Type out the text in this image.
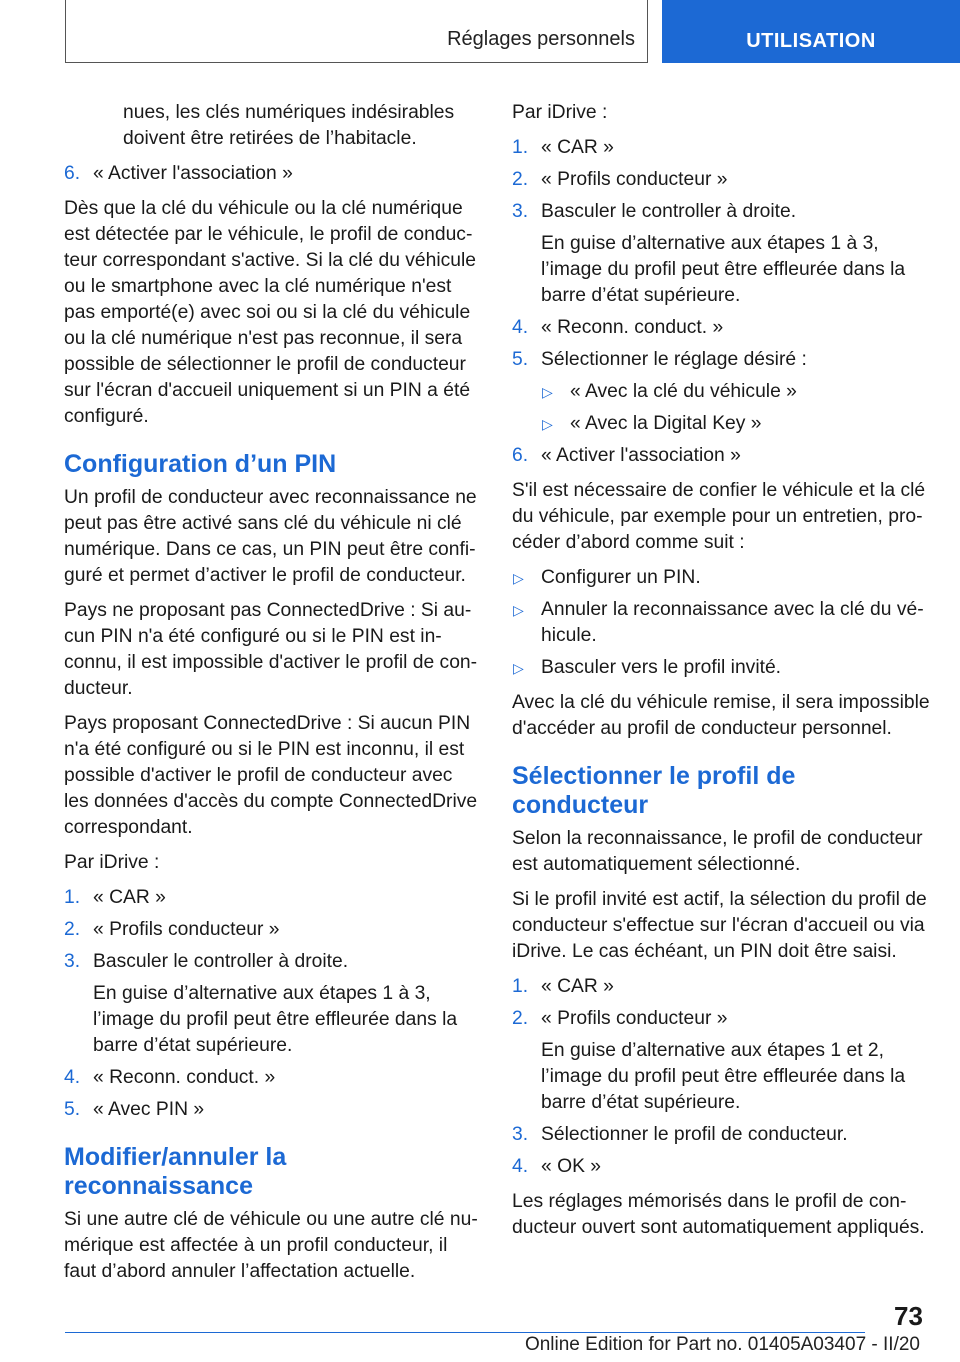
Réglages personnels	UTILISATION

nues, les clés numériques indésirables doivent être retirées de l’habitacle.

6. « Activer l'association »

Dès que la clé du véhicule ou la clé numérique est détectée par le véhicule, le profil de conducteur correspondant s'active. Si la clé du véhicule ou le smartphone avec la clé numérique n'est pas emporté(e) avec soi ou si la clé du véhicule ou la clé numérique n'est pas reconnue, il sera possible de sélectionner le profil de conducteur sur l'écran d'accueil uniquement si un PIN a été configuré.

Configuration d’un PIN

Un profil de conducteur avec reconnaissance ne peut pas être activé sans clé du véhicule ni clé numérique. Dans ce cas, un PIN peut être configuré et permet d’activer le profil de conducteur.

Pays ne proposant pas ConnectedDrive : Si aucun PIN n'a été configuré ou si le PIN est inconnu, il est impossible d'activer le profil de conducteur.

Pays proposant ConnectedDrive : Si aucun PIN n'a été configuré ou si le PIN est inconnu, il est possible d'activer le profil de conducteur avec les données d'accès du compte ConnectedDrive correspondant.

Par iDrive :

1. « CAR »
2. « Profils conducteur »
3. Basculer le controller à droite.
En guise d’alternative aux étapes 1 à 3, l’image du profil peut être effleurée dans la barre d’état supérieure.
4. « Reconn. conduct. »
5. « Avec PIN »
Modifier/annuler la reconnaissance

Si une autre clé de véhicule ou une autre clé numérique est affectée à un profil conducteur, il faut d’abord annuler l’affectation actuelle.

Par iDrive :

1. « CAR »
2. « Profils conducteur »
3. Basculer le controller à droite.
En guise d’alternative aux étapes 1 à 3, l’image du profil peut être effleurée dans la barre d’état supérieure.
4. « Reconn. conduct. »
5. Sélectionner le réglage désiré :
▷ « Avec la clé du véhicule »
▷ « Avec la Digital Key »
6. « Activer l'association »

S'il est nécessaire de confier le véhicule et la clé du véhicule, par exemple pour un entretien, procéder d’abord comme suit :

▷ Configurer un PIN.
▷ Annuler la reconnaissance avec la clé du véhicule.
▷ Basculer vers le profil invité.

Avec la clé du véhicule remise, il sera impossible d'accéder au profil de conducteur personnel.

Sélectionner le profil de conducteur

Selon la reconnaissance, le profil de conducteur est automatiquement sélectionné.

Si le profil invité est actif, la sélection du profil de conducteur s'effectue sur l'écran d'accueil ou via iDrive. Le cas échéant, un PIN doit être saisi.

1. « CAR »
2. « Profils conducteur »
En guise d’alternative aux étapes 1 et 2, l’image du profil peut être effleurée dans la barre d’état supérieure.
3. Sélectionner le profil de conducteur.
4. « OK »

Les réglages mémorisés dans le profil de conducteur ouvert sont automatiquement appliqués.

73
Online Edition for Part no. 01405A03407 - II/20
